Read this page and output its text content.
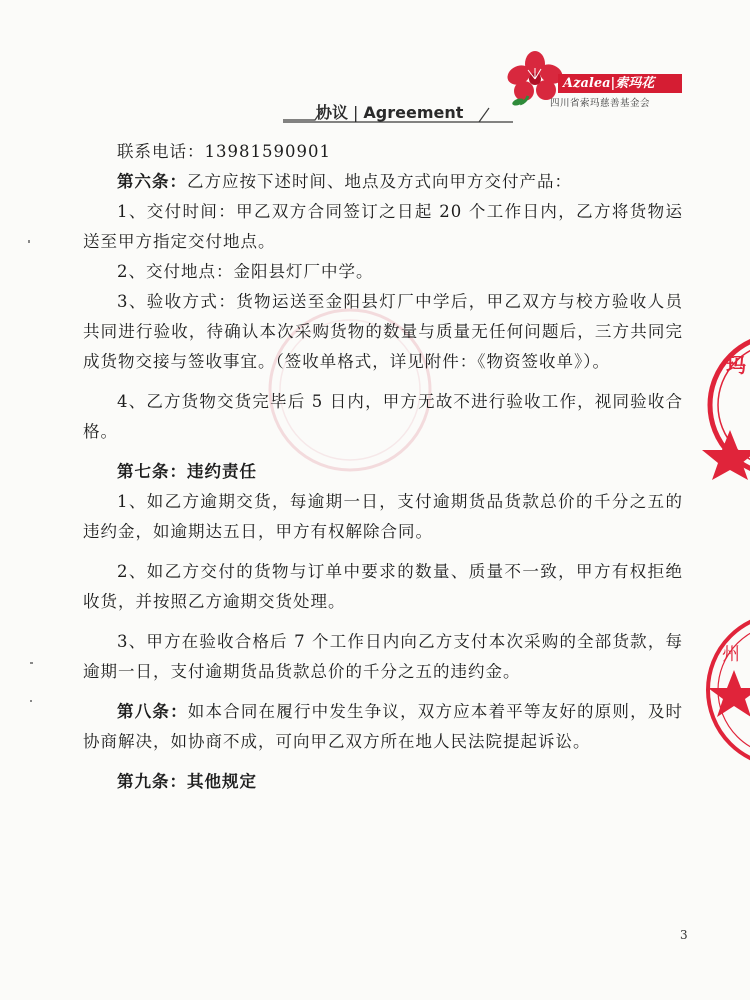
玛
州
Azalea|索玛花
四川省索玛慈善基金会
协议 | Agreement

联系电话：13981590901

第六条：乙方应按下述时间、地点及方式向甲方交付产品：

1、交付时间：甲乙双方合同签订之日起 20 个工作日内，乙方将货物运送至甲方指定交付地点。

2、交付地点：金阳县灯厂中学。

3、验收方式：货物运送至金阳县灯厂中学后，甲乙双方与校方验收人员共同进行验收，待确认本次采购货物的数量与质量无任何问题后，三方共同完成货物交接与签收事宜。（签收单格式，详见附件：《物资签收单》）。

4、乙方货物交货完毕后 5 日内，甲方无故不进行验收工作，视同验收合格。

第七条：违约责任

1、如乙方逾期交货，每逾期一日，支付逾期货品货款总价的千分之五的违约金，如逾期达五日，甲方有权解除合同。

2、如乙方交付的货物与订单中要求的数量、质量不一致，甲方有权拒绝收货，并按照乙方逾期交货处理。

3、甲方在验收合格后 7 个工作日内向乙方支付本次采购的全部货款，每逾期一日，支付逾期货品货款总价的千分之五的违约金。

第八条：如本合同在履行中发生争议，双方应本着平等友好的原则，及时协商解决，如协商不成，可向甲乙双方所在地人民法院提起诉讼。

第九条：其他规定

3
